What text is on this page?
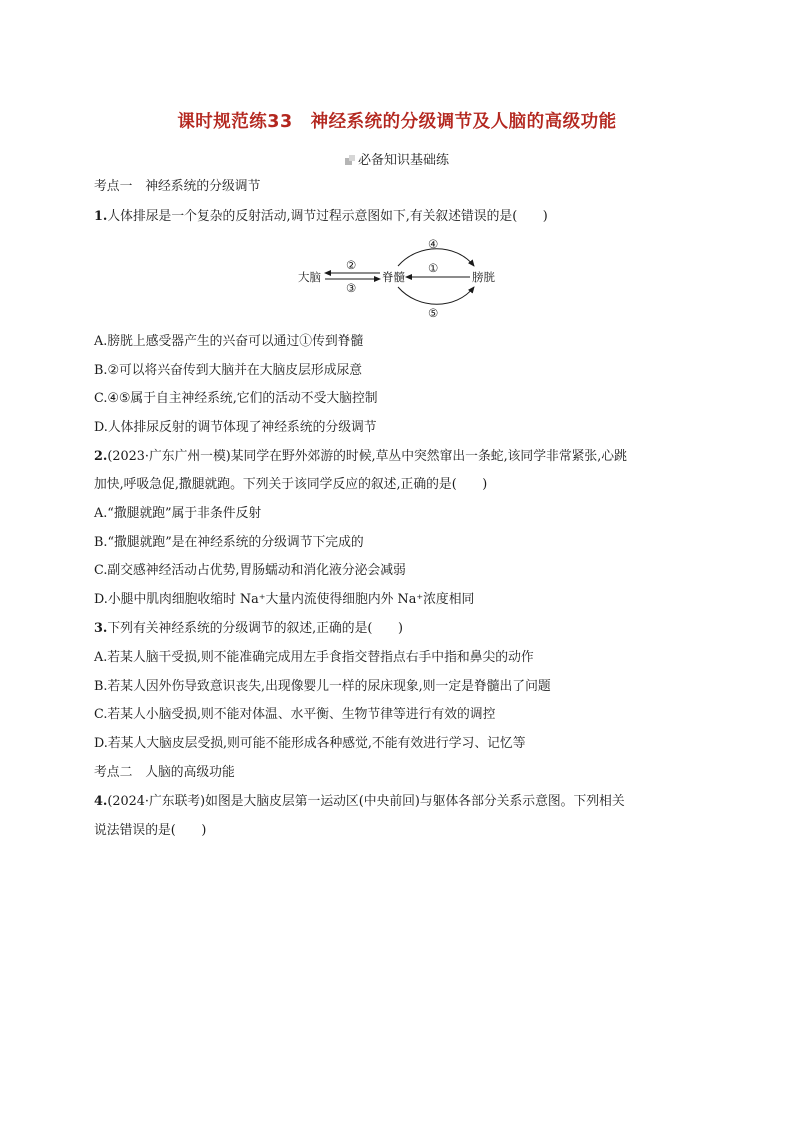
课时规范练33　神经系统的分级调节及人脑的高级功能
必备知识基础练
考点一　神经系统的分级调节
1.人体排尿是一个复杂的反射活动,调节过程示意图如下,有关叙述错误的是(　　)
大脑	脊髓	膀胱
②
③
①
④
⑤
A.膀胱上感受器产生的兴奋可以通过①传到脊髓
B.②可以将兴奋传到大脑并在大脑皮层形成尿意
C.④⑤属于自主神经系统,它们的活动不受大脑控制
D.人体排尿反射的调节体现了神经系统的分级调节
2.(2023·广东广州一模)某同学在野外郊游的时候,草丛中突然窜出一条蛇,该同学非常紧张,心跳
加快,呼吸急促,撒腿就跑。下列关于该同学反应的叙述,正确的是(　　)
A.“撒腿就跑”属于非条件反射
B.“撒腿就跑”是在神经系统的分级调节下完成的
C.副交感神经活动占优势,胃肠蠕动和消化液分泌会减弱
D.小腿中肌肉细胞收缩时 Na⁺大量内流使得细胞内外 Na⁺浓度相同
3.下列有关神经系统的分级调节的叙述,正确的是(　　)
A.若某人脑干受损,则不能准确完成用左手食指交替指点右手中指和鼻尖的动作
B.若某人因外伤导致意识丧失,出现像婴儿一样的尿床现象,则一定是脊髓出了问题
C.若某人小脑受损,则不能对体温、水平衡、生物节律等进行有效的调控
D.若某人大脑皮层受损,则可能不能形成各种感觉,不能有效进行学习、记忆等
考点二　人脑的高级功能
4.(2024·广东联考)如图是大脑皮层第一运动区(中央前回)与躯体各部分关系示意图。下列相关
说法错误的是(　　)
